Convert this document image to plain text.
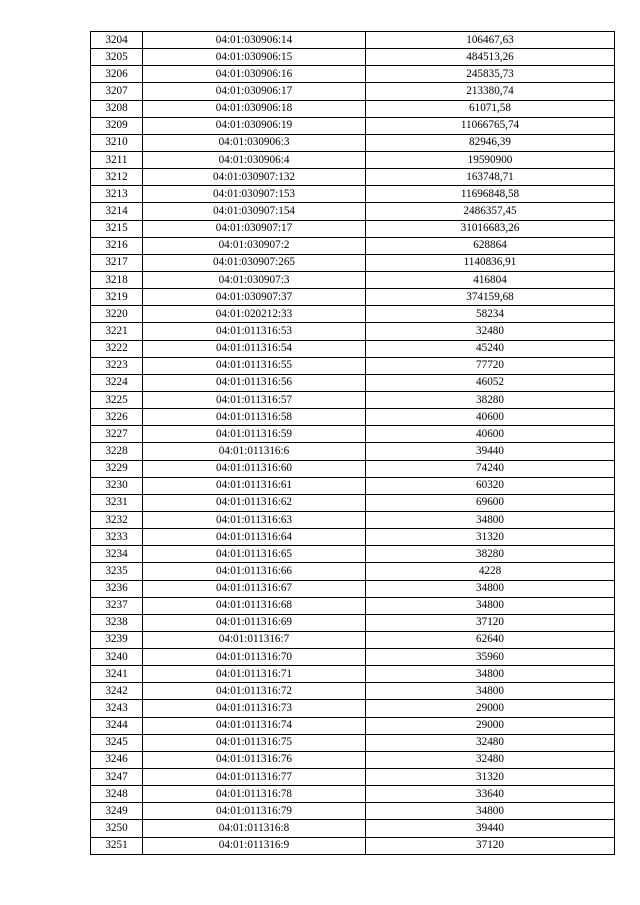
3204	04:01:030906:14	106467,63
3205	04:01:030906:15	484513,26
3206	04:01:030906:16	245835,73
3207	04:01:030906:17	213380,74
3208	04:01:030906:18	61071,58
3209	04:01:030906:19	11066765,74
3210	04:01:030906:3	82946,39
3211	04:01:030906:4	19590900
3212	04:01:030907:132	163748,71
3213	04:01:030907:153	11696848,58
3214	04:01:030907:154	2486357,45
3215	04:01:030907:17	31016683,26
3216	04:01:030907:2	628864
3217	04:01:030907:265	1140836,91
3218	04:01:030907:3	416804
3219	04:01:030907:37	374159,68
3220	04:01:020212:33	58234
3221	04:01:011316:53	32480
3222	04:01:011316:54	45240
3223	04:01:011316:55	77720
3224	04:01:011316:56	46052
3225	04:01:011316:57	38280
3226	04:01:011316:58	40600
3227	04:01:011316:59	40600
3228	04:01:011316:6	39440
3229	04:01:011316:60	74240
3230	04:01:011316:61	60320
3231	04:01:011316:62	69600
3232	04:01:011316:63	34800
3233	04:01:011316:64	31320
3234	04:01:011316:65	38280
3235	04:01:011316:66	4228
3236	04:01:011316:67	34800
3237	04:01:011316:68	34800
3238	04:01:011316:69	37120
3239	04:01:011316:7	62640
3240	04:01:011316:70	35960
3241	04:01:011316:71	34800
3242	04:01:011316:72	34800
3243	04:01:011316:73	29000
3244	04:01:011316:74	29000
3245	04:01:011316:75	32480
3246	04:01:011316:76	32480
3247	04:01:011316:77	31320
3248	04:01:011316:78	33640
3249	04:01:011316:79	34800
3250	04:01:011316:8	39440
3251	04:01:011316:9	37120
